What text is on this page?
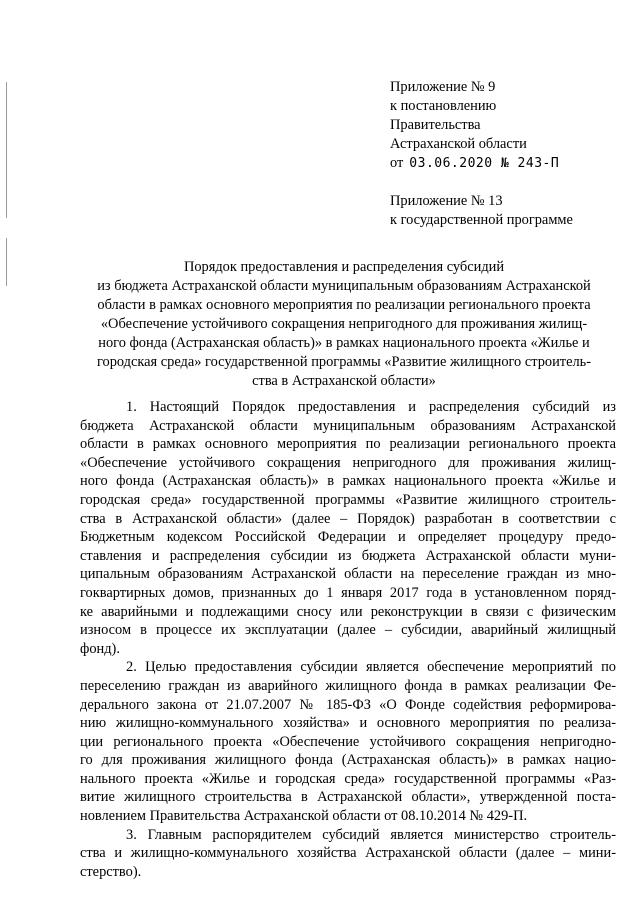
Приложение № 9
к постановлению
Правительства
Астраханской области
от 03.06.2020 № 243-П
Приложение № 13
к государственной программе
Порядок предоставления и распределения субсидий
из бюджета Астраханской области муниципальным образованиям Астраханской
области в рамках основного мероприятия по реализации регионального проекта
«Обеспечение устойчивого сокращения непригодного для проживания жилищ-
ного фонда (Астраханская область)» в рамках национального проекта «Жилье и
городская среда» государственной программы «Развитие жилищного строитель-
ства в Астраханской области»
1. Настоящий Порядок предоставления и распределения субсидий из
бюджета Астраханской области муниципальным образованиям Астраханской
области в рамках основного мероприятия по реализации регионального проекта
«Обеспечение устойчивого сокращения непригодного для проживания жилищ-
ного фонда (Астраханская область)» в рамках национального проекта «Жилье и
городская среда» государственной программы «Развитие жилищного строитель-
ства в Астраханской области» (далее – Порядок) разработан в соответствии с
Бюджетным кодексом Российской Федерации и определяет процедуру предо-
ставления и распределения субсидии из бюджета Астраханской области муни-
ципальным образованиям Астраханской области на переселение граждан из мно-
гоквартирных домов, признанных до 1 января 2017 года в установленном поряд-
ке аварийными и подлежащими сносу или реконструкции в связи с физическим
износом в процессе их эксплуатации (далее – субсидии, аварийный жилищный
фонд).
2. Целью предоставления субсидии является обеспечение мероприятий по
переселению граждан из аварийного жилищного фонда в рамках реализации Фе-
дерального закона от 21.07.2007 № 185-ФЗ «О Фонде содействия реформирова-
нию жилищно-коммунального хозяйства» и основного мероприятия по реализа-
ции регионального проекта «Обеспечение устойчивого сокращения непригодно-
го для проживания жилищного фонда (Астраханская область)» в рамках нацио-
нального проекта «Жилье и городская среда» государственной программы «Раз-
витие жилищного строительства в Астраханской области», утвержденной поста-
новлением Правительства Астраханской области от 08.10.2014 № 429-П.
3. Главным распорядителем субсидий является министерство строитель-
ства и жилищно-коммунального хозяйства Астраханской области (далее – мини-
стерство).
